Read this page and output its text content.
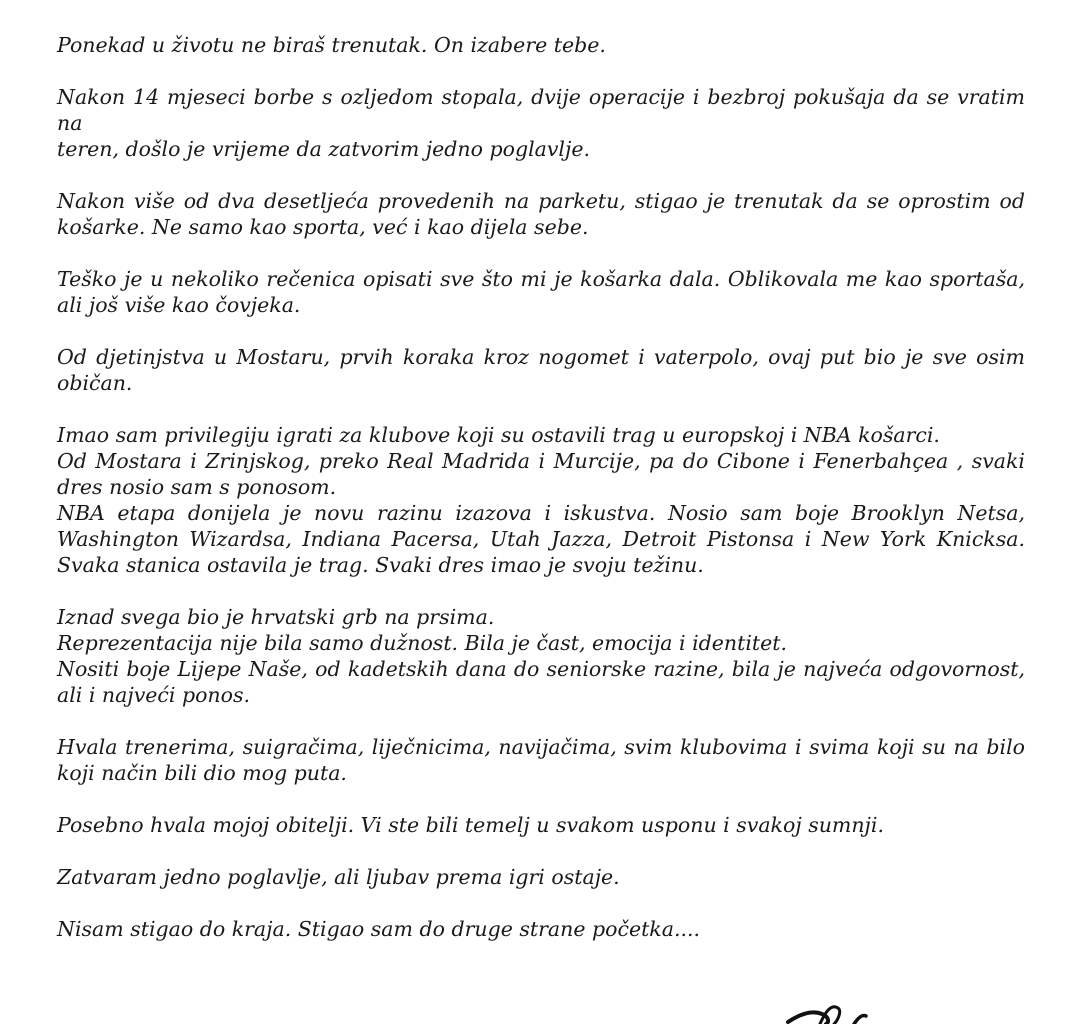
Ponekad u životu ne biraš trenutak. On izabere tebe.

Nakon 14 mjeseci borbe s ozljedom stopala, dvije operacije i bezbroj pokušaja da se vratim na
teren, došlo je vrijeme da zatvorim jedno poglavlje.

Nakon više od dva desetljeća provedenih na parketu, stigao je trenutak da se oprostim od
košarke. Ne samo kao sporta, već i kao dijela sebe.

Teško je u nekoliko rečenica opisati sve što mi je košarka dala. Oblikovala me kao sportaša,
ali još više kao čovjeka.

Od djetinjstva u Mostaru, prvih koraka kroz nogomet i vaterpolo, ovaj put bio je sve osim
običan.

Imao sam privilegiju igrati za klubove koji su ostavili trag u europskoj i NBA košarci.
Od Mostara i Zrinjskog, preko Real Madrida i Murcije, pa do Cibone i Fenerbahçea , svaki
dres nosio sam s ponosom.
NBA etapa donijela je novu razinu izazova i iskustva. Nosio sam boje Brooklyn Netsa,
Washington Wizardsa, Indiana Pacersa, Utah Jazza, Detroit Pistonsa i New York Knicksa.
Svaka stanica ostavila je trag. Svaki dres imao je svoju težinu.

Iznad svega bio je hrvatski grb na prsima.
Reprezentacija nije bila samo dužnost. Bila je čast, emocija i identitet.
Nositi boje Lijepe Naše, od kadetskih dana do seniorske razine, bila je najveća odgovornost,
ali i najveći ponos.

Hvala trenerima, suigračima, liječnicima, navijačima, svim klubovima i svima koji su na bilo
koji način bili dio mog puta.

Posebno hvala mojoj obitelji. Vi ste bili temelj u svakom usponu i svakoj sumnji.

Zatvaram jedno poglavlje, ali ljubav prema igri ostaje.

Nisam stigao do kraja. Stigao sam do druge strane početka....
